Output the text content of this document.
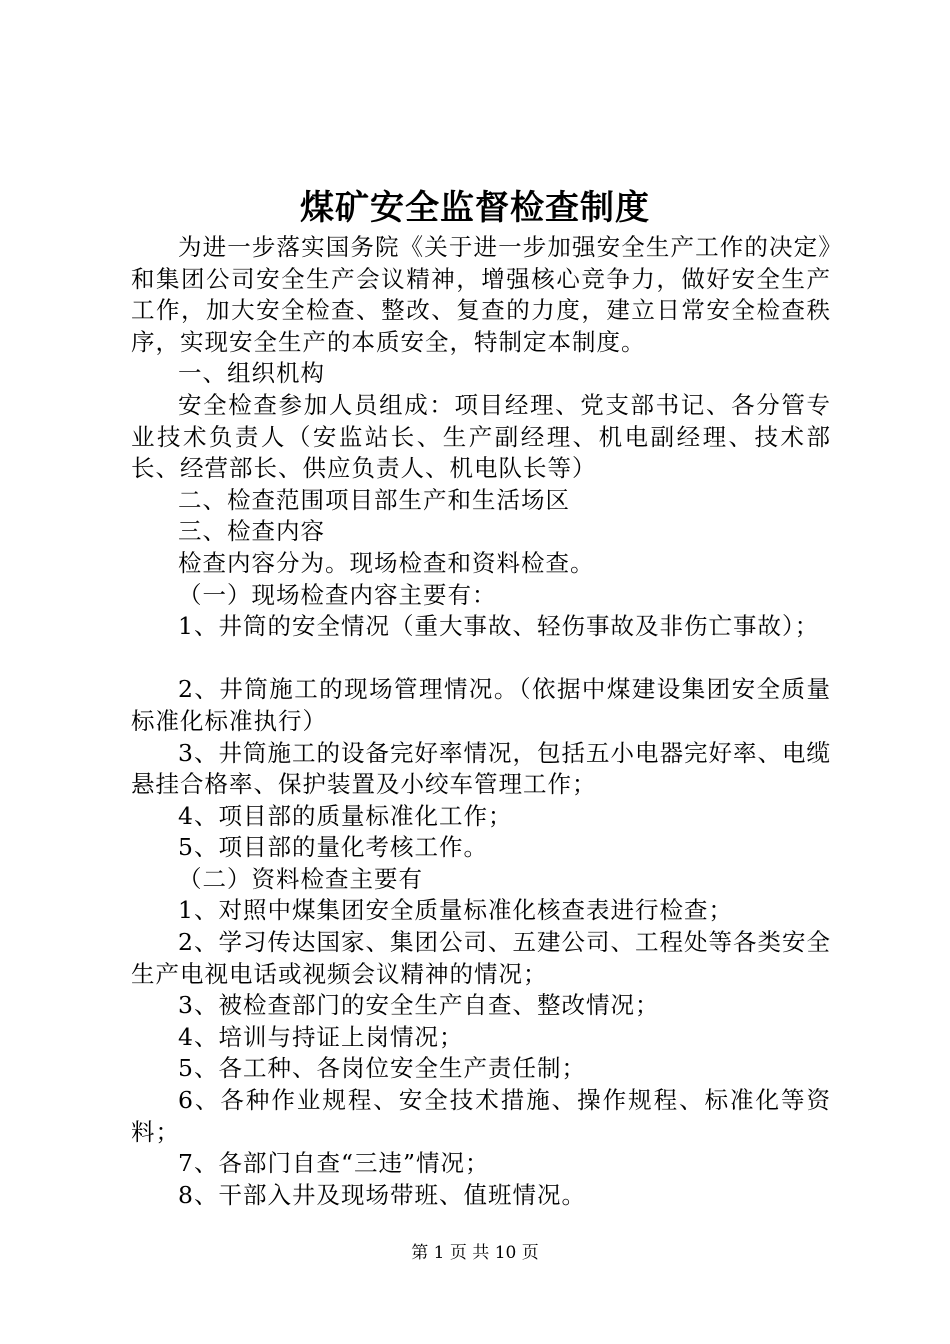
煤矿安全监督检查制度

为进一步落实国务院《关于进一步加强安全生产工作的决定》和集团公司安全生产会议精神，增强核心竞争力，做好安全生产工作，加大安全检查、整改、复查的力度，建立日常安全检查秩序，实现安全生产的本质安全，特制定本制度。

一、组织机构

安全检查参加人员组成：项目经理、党支部书记、各分管专业技术负责人（安监站长、生产副经理、机电副经理、技术部长、经营部长、供应负责人、机电队长等）

二、检查范围项目部生产和生活场区

三、检查内容

检查内容分为。现场检查和资料检查。

（一）现场检查内容主要有：

1、井筒的安全情况（重大事故、轻伤事故及非伤亡事故）；

2、井筒施工的现场管理情况。（依据中煤建设集团安全质量标准化标准执行）

3、井筒施工的设备完好率情况，包括五小电器完好率、电缆悬挂合格率、保护装置及小绞车管理工作；

4、项目部的质量标准化工作；

5、项目部的量化考核工作。

（二）资料检查主要有

1、对照中煤集团安全质量标准化核查表进行检查；

2、学习传达国家、集团公司、五建公司、工程处等各类安全生产电视电话或视频会议精神的情况；

3、被检查部门的安全生产自查、整改情况；

4、培训与持证上岗情况；

5、各工种、各岗位安全生产责任制；

6、各种作业规程、安全技术措施、操作规程、标准化等资料；

7、各部门自查“三违”情况；

8、干部入井及现场带班、值班情况。

第 1 页 共 10 页
